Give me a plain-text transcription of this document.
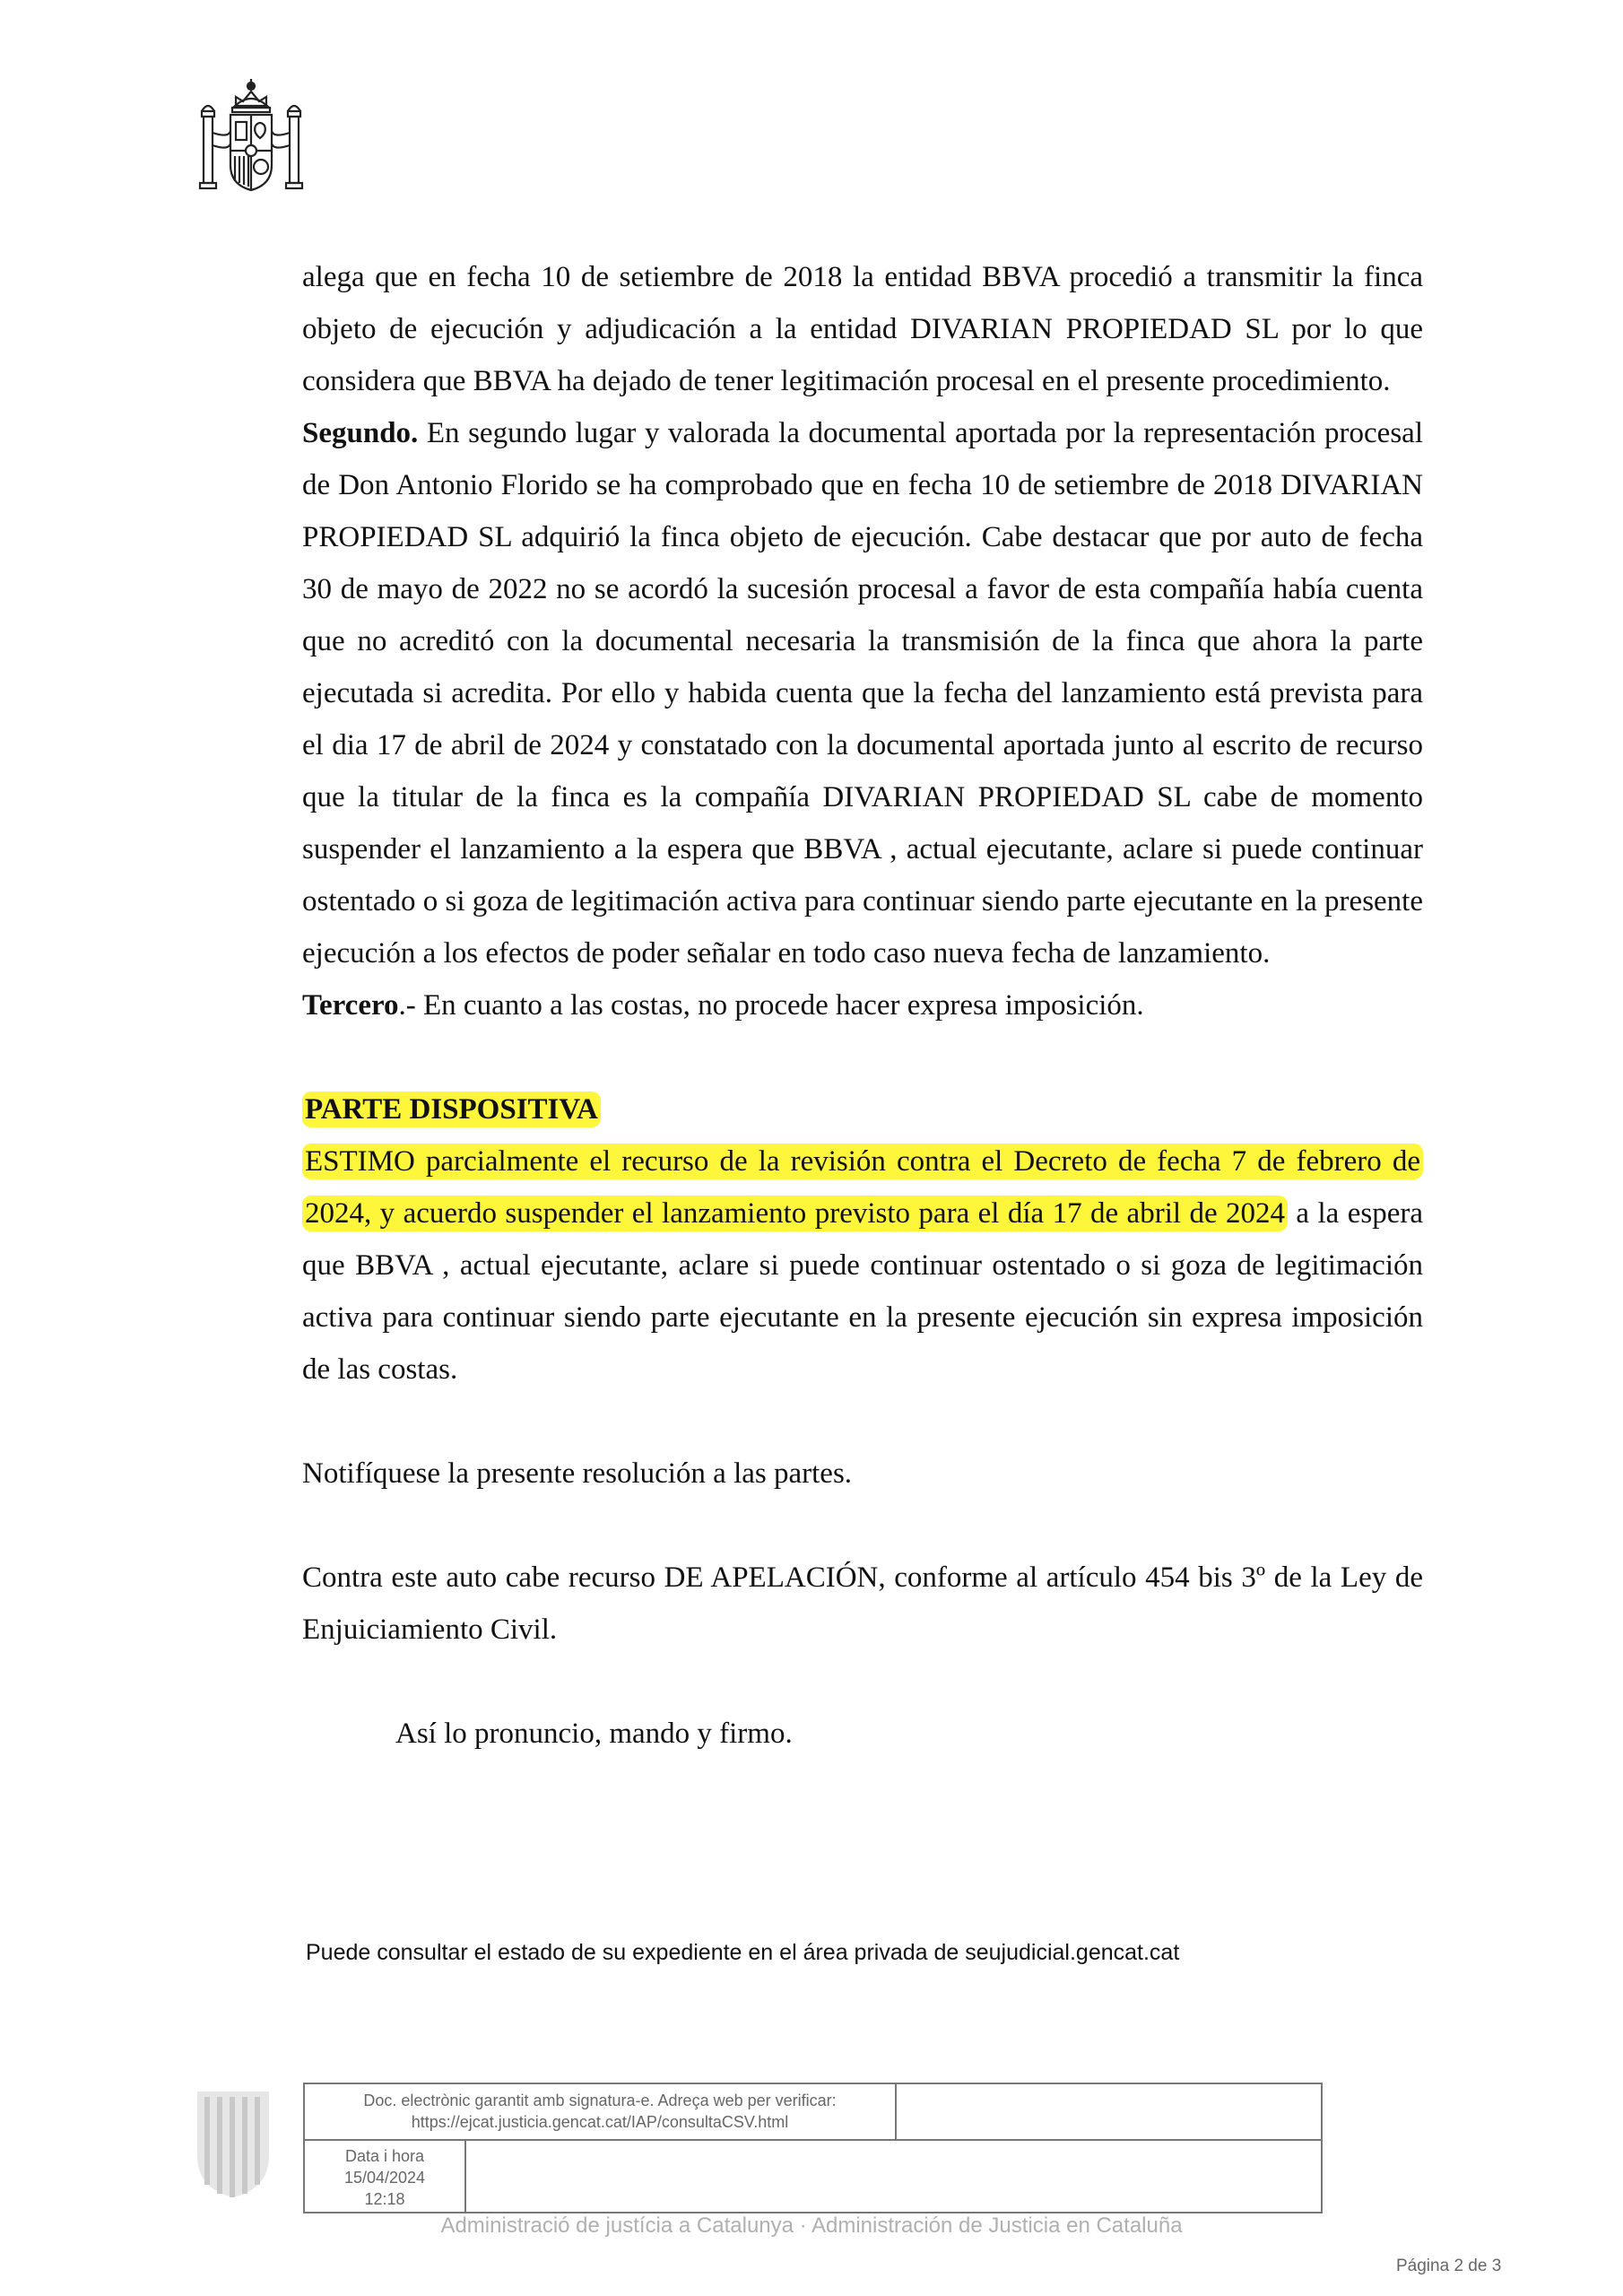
alega que en fecha 10 de setiembre de 2018 la entidad BBVA procedió a transmitir la finca objeto de ejecución y adjudicación a la entidad DIVARIAN PROPIEDAD SL por lo que considera que BBVA ha dejado de tener legitimación procesal en el presente procedimiento.

Segundo. En segundo lugar y valorada la documental aportada por la representación procesal de Don Antonio Florido se ha comprobado que en fecha 10 de setiembre de 2018 DIVARIAN PROPIEDAD SL adquirió la finca objeto de ejecución. Cabe destacar que por auto de fecha 30 de mayo de 2022 no se acordó la sucesión procesal a favor de esta compañía había cuenta que no acreditó con la documental necesaria la transmisión de la finca que ahora la parte ejecutada si acredita. Por ello y habida cuenta que la fecha del lanzamiento está prevista para el dia 17 de abril de 2024 y constatado con la documental aportada junto al escrito de recurso que la titular de la finca es la compañía DIVARIAN PROPIEDAD SL cabe de momento suspender el lanzamiento a la espera que BBVA , actual ejecutante, aclare si puede continuar ostentado o si goza de legitimación activa para continuar siendo parte ejecutante en la presente ejecución a los efectos de poder señalar en todo caso nueva fecha de lanzamiento.

Tercero.- En cuanto a las costas, no procede hacer expresa imposición.

PARTE DISPOSITIVA

ESTIMO parcialmente el recurso de la revisión contra el Decreto de fecha 7 de febrero de 2024, y acuerdo suspender el lanzamiento previsto para el día 17 de abril de 2024 a la espera que BBVA , actual ejecutante, aclare si puede continuar ostentado o si goza de legitimación activa para continuar siendo parte ejecutante en la presente ejecución sin expresa imposición de las costas.

Notifíquese la presente resolución a las partes.

Contra este auto cabe recurso DE APELACIÓN, conforme al artículo 454 bis 3º de la Ley de Enjuiciamiento Civil.

Así lo pronuncio, mando y firmo.

Puede consultar el estado de su expediente en el área privada de seujudicial.gencat.cat
Doc. electrònic garantit amb signatura-e. Adreça web per verificar:
https://ejcat.justicia.gencat.cat/IAP/consultaCSV.html
Data i hora
15/04/2024
12:18
Administració de justícia a Catalunya · Administración de Justicia en Cataluña
Página 2 de 3
